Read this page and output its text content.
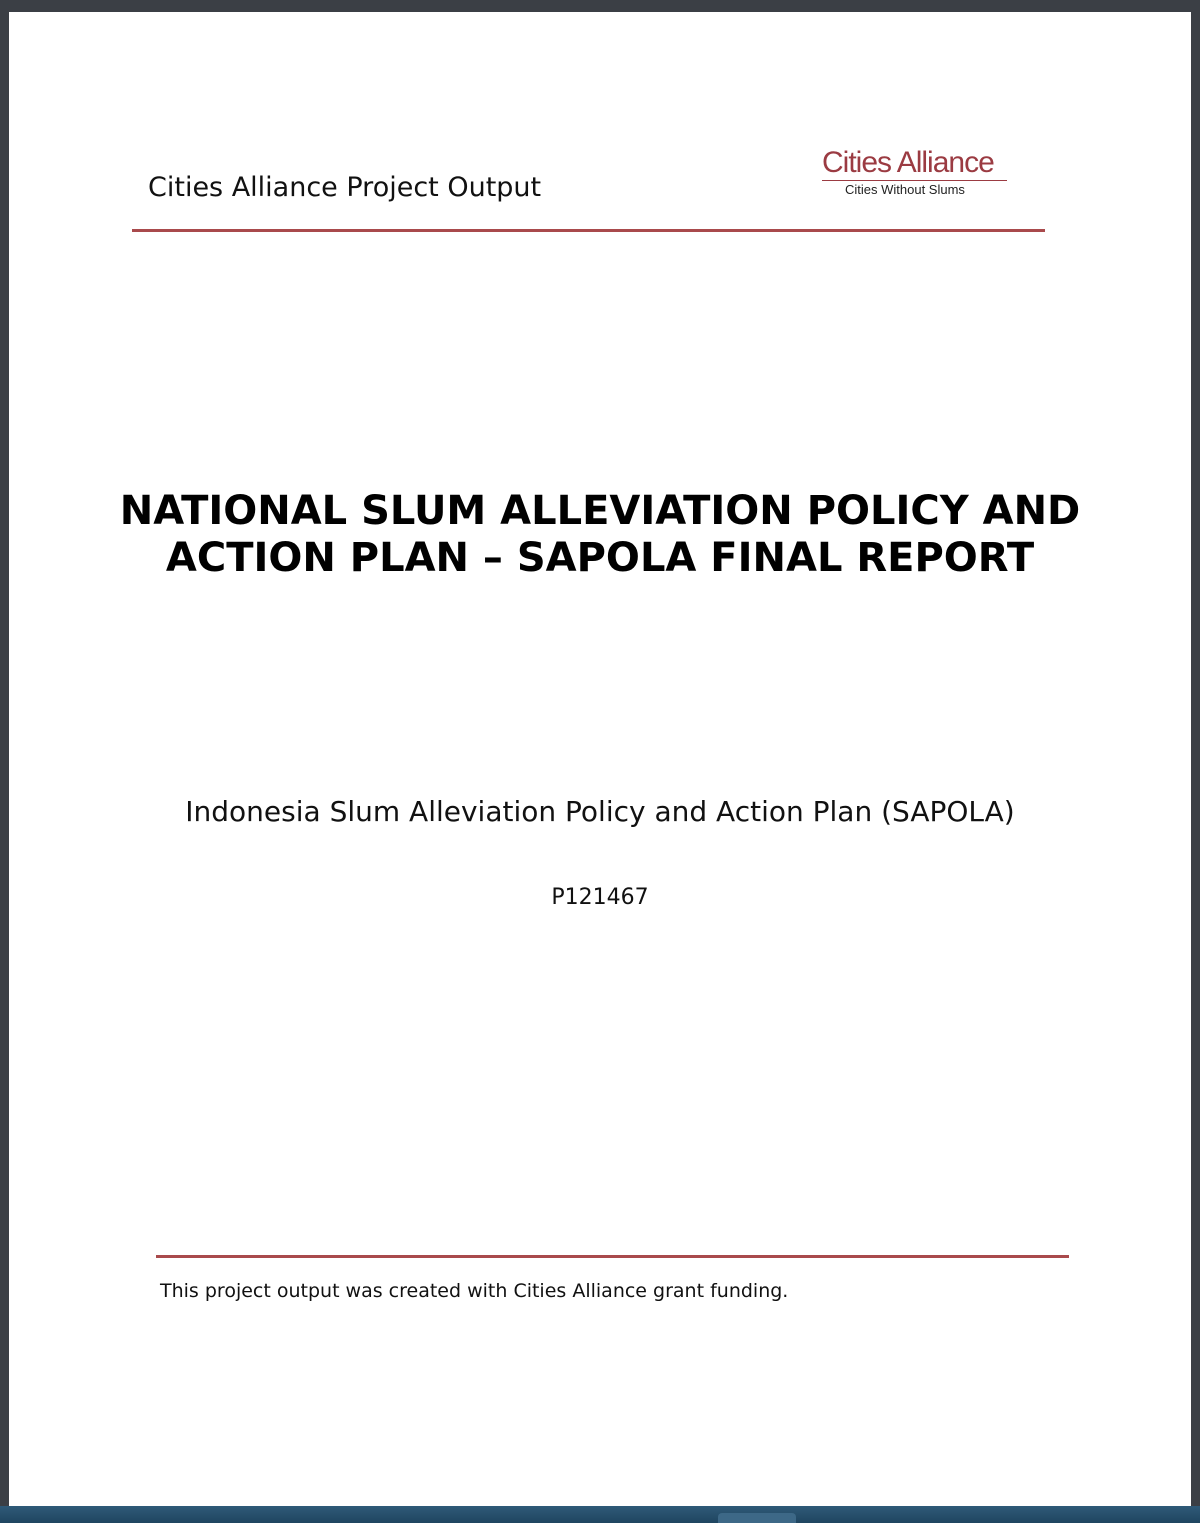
Cities Alliance Project Output
Cities Alliance
Cities Without Slums
NATIONAL SLUM ALLEVIATION POLICY AND ACTION PLAN – SAPOLA FINAL REPORT
Indonesia Slum Alleviation Policy and Action Plan (SAPOLA)
P121467
This project output was created with Cities Alliance grant funding.
